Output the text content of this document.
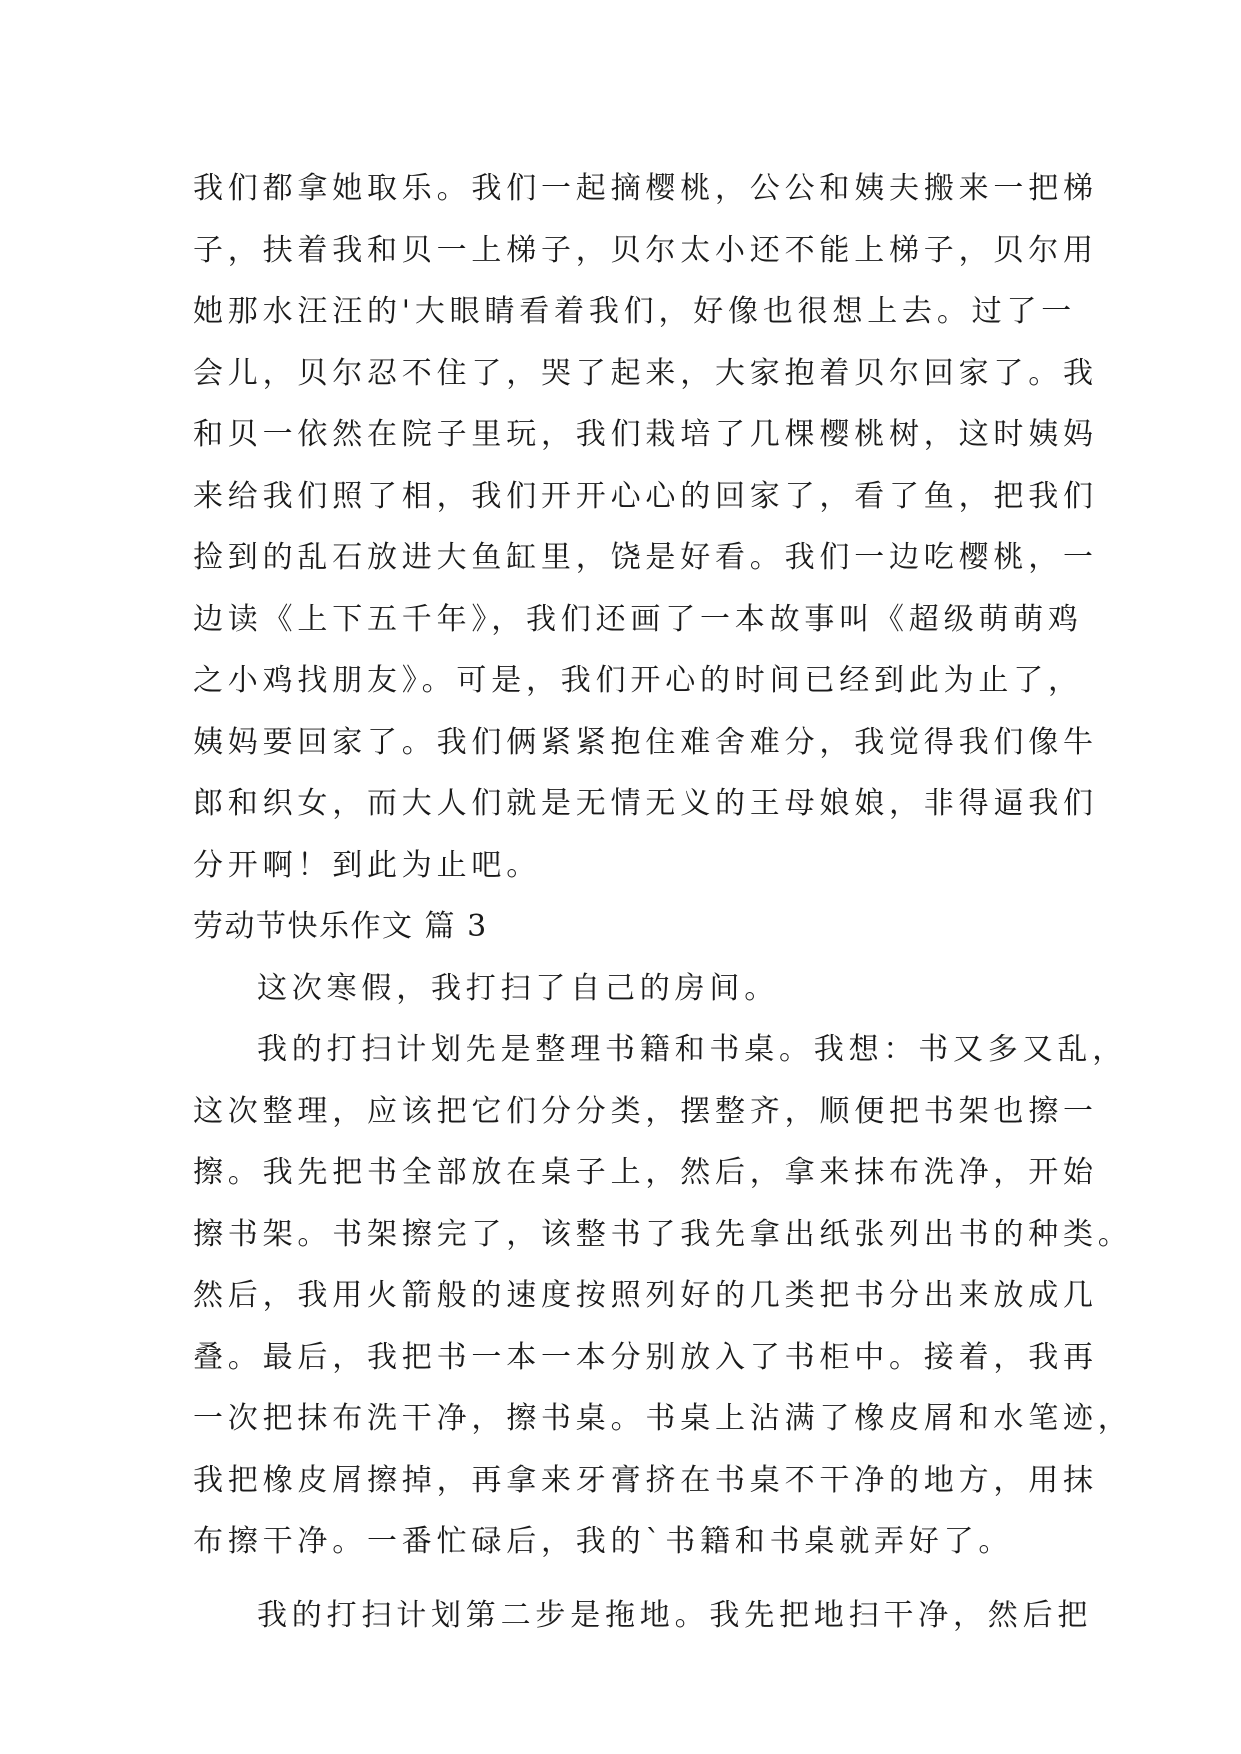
我们都拿她取乐。我们一起摘樱桃，公公和姨夫搬来一把梯
子，扶着我和贝一上梯子，贝尔太小还不能上梯子，贝尔用
她那水汪汪的'大眼睛看着我们，好像也很想上去。过了一
会儿，贝尔忍不住了，哭了起来，大家抱着贝尔回家了。我
和贝一依然在院子里玩，我们栽培了几棵樱桃树，这时姨妈
来给我们照了相，我们开开心心的回家了，看了鱼，把我们
捡到的乱石放进大鱼缸里，饶是好看。我们一边吃樱桃，一
边读《上下五千年》，我们还画了一本故事叫《超级萌萌鸡
之小鸡找朋友》。可是，我们开心的时间已经到此为止了，
姨妈要回家了。我们俩紧紧抱住难舍难分，我觉得我们像牛
郎和织女，而大人们就是无情无义的王母娘娘，非得逼我们
分开啊！到此为止吧。
劳动节快乐作文 篇 3
这次寒假，我打扫了自己的房间。
我的打扫计划先是整理书籍和书桌。我想：书又多又乱，
这次整理，应该把它们分分类，摆整齐，顺便把书架也擦一
擦。我先把书全部放在桌子上，然后，拿来抹布洗净，开始
擦书架。书架擦完了，该整书了我先拿出纸张列出书的种类。
然后，我用火箭般的速度按照列好的几类把书分出来放成几
叠。最后，我把书一本一本分别放入了书柜中。接着，我再
一次把抹布洗干净，擦书桌。书桌上沾满了橡皮屑和水笔迹，
我把橡皮屑擦掉，再拿来牙膏挤在书桌不干净的地方，用抹
布擦干净。一番忙碌后，我的`书籍和书桌就弄好了。
我的打扫计划第二步是拖地。我先把地扫干净，然后把
